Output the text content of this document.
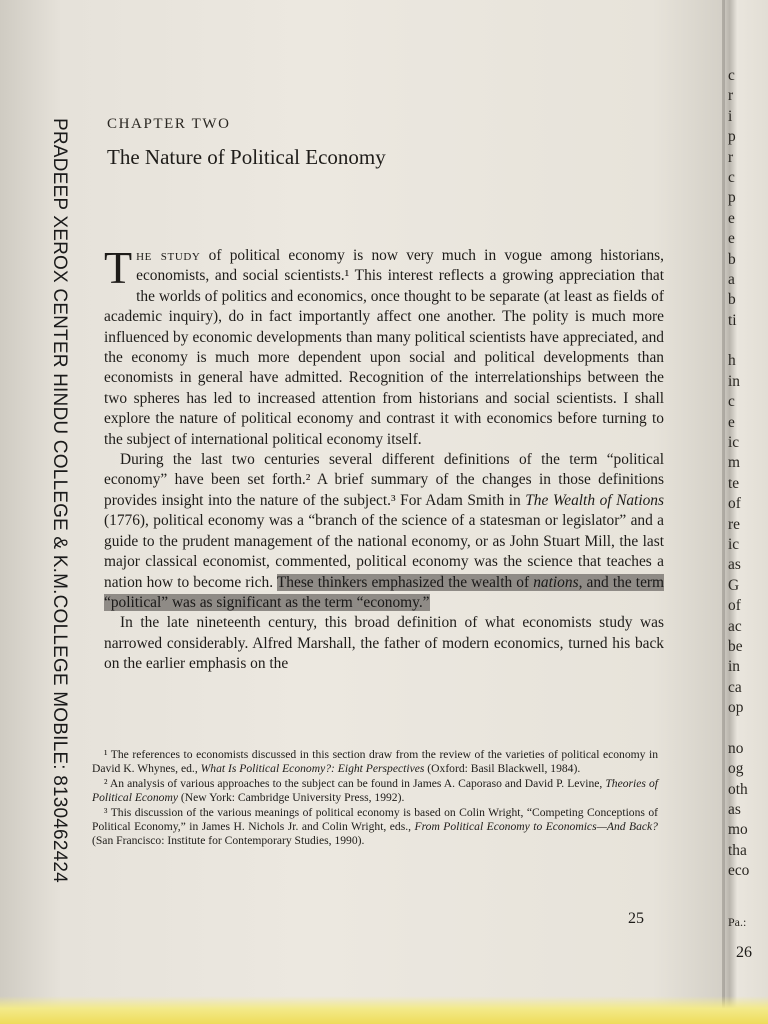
PRADEEP XEROX CENTER HINDU COLLEGE & K.M.COLLEGE MOBILE: 8130462424 CHAPTER TWO
The Nature of Political Economy

The study of political economy is now very much in vogue among historians, economists, and social scientists.¹ This interest reflects a growing appreciation that the worlds of politics and economics, once thought to be separate (at least as fields of academic inquiry), do in fact importantly affect one another. The polity is much more influenced by economic developments than many political scientists have appreciated, and the economy is much more dependent upon social and political developments than economists in general have admitted. Recognition of the interrelationships between the two spheres has led to increased attention from historians and social scientists. I shall explore the nature of political economy and contrast it with economics before turning to the subject of international political economy itself.

During the last two centuries several different definitions of the term “political economy” have been set forth.² A brief summary of the changes in those definitions provides insight into the nature of the subject.³ For Adam Smith in The Wealth of Nations (1776), political economy was a “branch of the science of a statesman or legislator” and a guide to the prudent management of the national economy, or as John Stuart Mill, the last major classical economist, commented, political economy was the science that teaches a nation how to become rich. These thinkers emphasized the wealth of nations, and the term “political” was as significant as the term “economy.”

In the late nineteenth century, this broad definition of what economists study was narrowed considerably. Alfred Marshall, the father of modern economics, turned his back on the earlier emphasis on the

¹ The references to economists discussed in this section draw from the review of the varieties of political economy in David K. Whynes, ed., What Is Political Economy?: Eight Perspectives (Oxford: Basil Blackwell, 1984).

² An analysis of various approaches to the subject can be found in James A. Caporaso and David P. Levine, Theories of Political Economy (New York: Cambridge University Press, 1992).

³ This discussion of the various meanings of political economy is based on Colin Wright, “Competing Conceptions of Political Economy,” in James H. Nichols Jr. and Colin Wright, eds., From Political Economy to Economics—And Back? (San Francisco: Institute for Contemporary Studies, 1990).

25
c
r
i
p
r
c
p
e
e
b
a
b
ti
h
in
c
e
ic
m
te
of
re
ic
as
G
of
ac
be
in
ca
op
no
og
oth
as
mo
tha
eco
Pa.:
26
